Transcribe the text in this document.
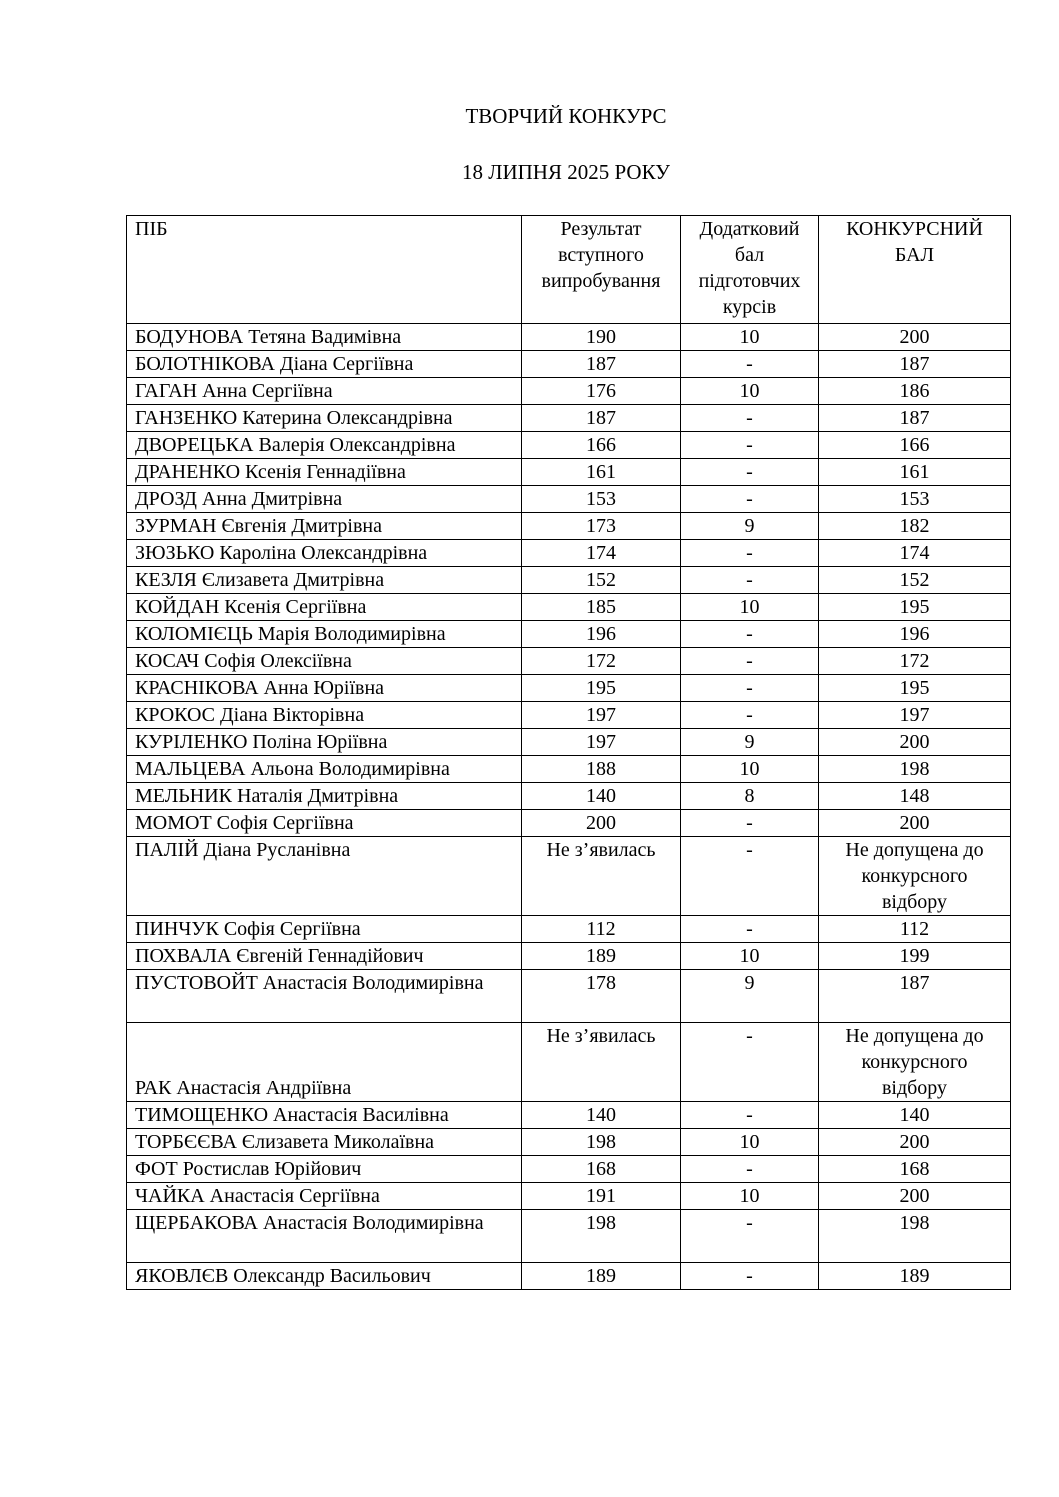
ТВОРЧИЙ КОНКУРС
18 ЛИПНЯ 2025 РОКУ
ПІБ	Результат вступного випробування	Додатковий бал підготовчих курсів	КОНКУРСНИЙ БАЛ
БОДУНОВА Тетяна Вадимівна	190	10	200
БОЛОТНІКОВА Діана Сергіївна	187	-	187
ГАГАН Анна Сергіївна	176	10	186
ГАНЗЕНКО Катерина Олександрівна	187	-	187
ДВОРЕЦЬКА Валерія Олександрівна	166	-	166
ДРАНЕНКО Ксенія Геннадіївна	161	-	161
ДРОЗД Анна Дмитрівна	153	-	153
ЗУРМАН Євгенія Дмитрівна	173	9	182
ЗЮЗЬКО Кароліна Олександрівна	174	-	174
КЕЗЛЯ Єлизавета Дмитрівна	152	-	152
КОЙДАН Ксенія Сергіївна	185	10	195
КОЛОМІЄЦЬ Марія Володимирівна	196	-	196
КОСАЧ Софія Олексіївна	172	-	172
КРАСНІКОВА Анна Юріївна	195	-	195
КРОКОС Діана Вікторівна	197	-	197
КУРІЛЕНКО Поліна Юріївна	197	9	200
МАЛЬЦЕВА Альона Володимирівна	188	10	198
МЕЛЬНИК Наталія Дмитрівна	140	8	148
МОМОТ Софія Сергіївна	200	-	200
ПАЛІЙ Діана Русланівна	Не з’явилась	-	Не допущена до конкурсного відбору
ПИНЧУК Софія Сергіївна	112	-	112
ПОХВАЛА Євгеній Геннадійович	189	10	199
ПУСТОВОЙТ Анастасія Володимирівна	178	9	187
РАК Анастасія Андріївна	Не з’явилась	-	Не допущена до конкурсного відбору
ТИМОЩЕНКО Анастасія Василівна	140	-	140
ТОРБЄЄВА Єлизавета Миколаївна	198	10	200
ФОТ Ростислав Юрійович	168	-	168
ЧАЙКА Анастасія Сергіївна	191	10	200
ЩЕРБАКОВА Анастасія Володимирівна	198	-	198
ЯКОВЛЄВ Олександр Васильович	189	-	189
